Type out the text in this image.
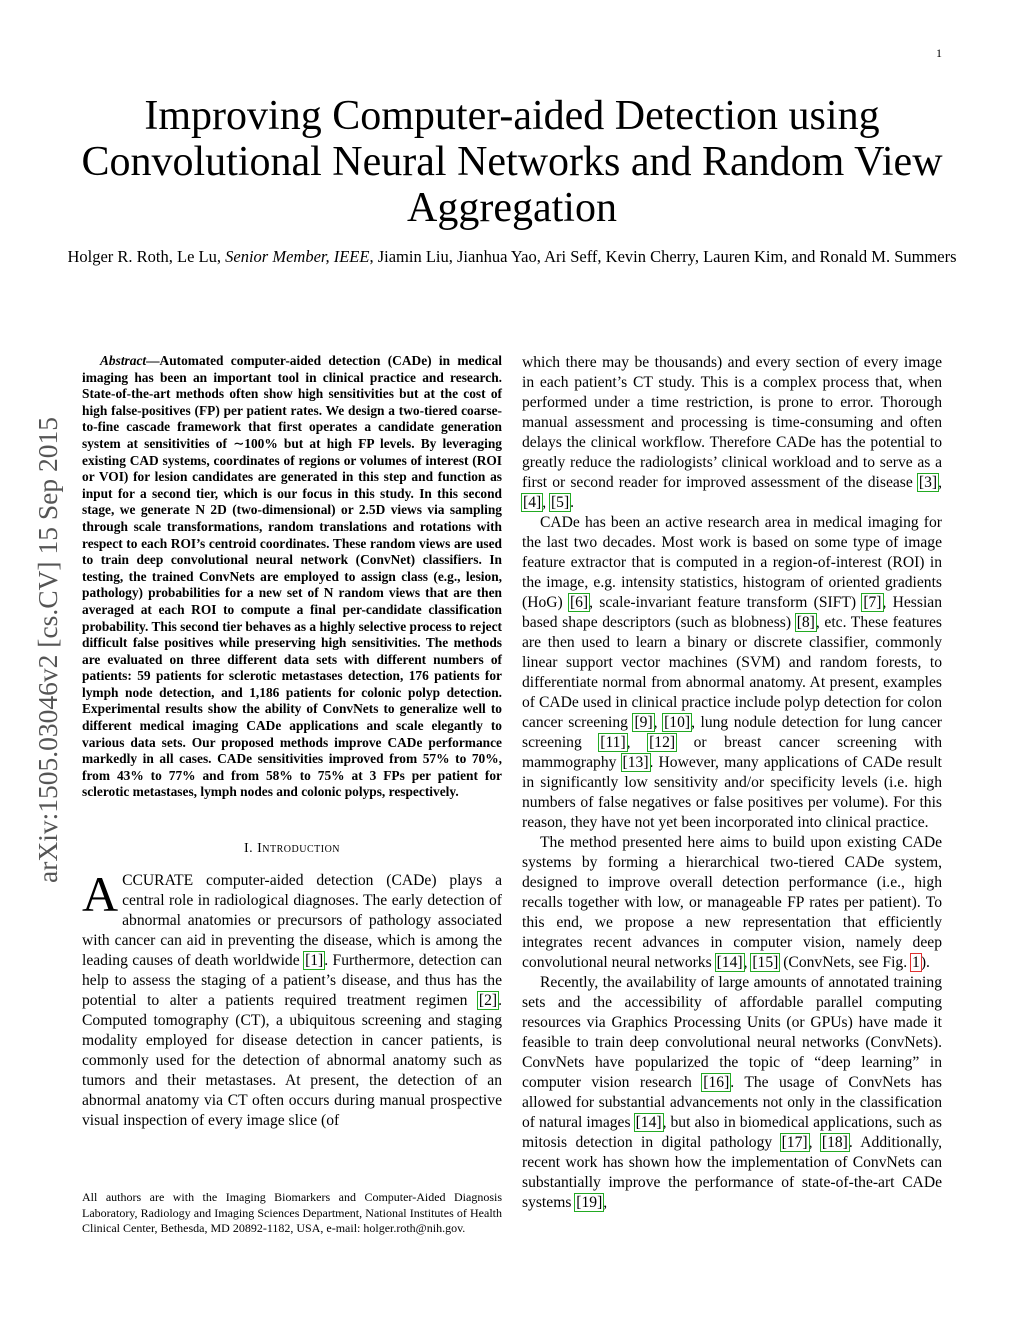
1
Improving Computer-aided Detection using Convolutional Neural Networks and Random View Aggregation
Holger R. Roth, Le Lu, Senior Member, IEEE, Jiamin Liu, Jianhua Yao, Ari Seff, Kevin Cherry, Lauren Kim, and Ronald M. Summers
arXiv:1505.03046v2 [cs.CV] 15 Sep 2015

Abstract—Automated computer-aided detection (CADe) in medical imaging has been an important tool in clinical practice and research. State-of-the-art methods often show high sensitivities but at the cost of high false-positives (FP) per patient rates. We design a two-tiered coarse-to-fine cascade framework that first operates a candidate generation system at sensitivities of ∼100% but at high FP levels. By leveraging existing CAD systems, coordinates of regions or volumes of interest (ROI or VOI) for lesion candidates are generated in this step and function as input for a second tier, which is our focus in this study. In this second stage, we generate N 2D (two-dimensional) or 2.5D views via sampling through scale transformations, random translations and rotations with respect to each ROI’s centroid coordinates. These random views are used to train deep convolutional neural network (ConvNet) classifiers. In testing, the trained ConvNets are employed to assign class (e.g., lesion, pathology) probabilities for a new set of N random views that are then averaged at each ROI to compute a final per-candidate classification probability. This second tier behaves as a highly selective process to reject difficult false positives while preserving high sensitivities. The methods are evaluated on three different data sets with different numbers of patients: 59 patients for sclerotic metastases detection, 176 patients for lymph node detection, and 1,186 patients for colonic polyp detection. Experimental results show the ability of ConvNets to generalize well to different medical imaging CADe applications and scale elegantly to various data sets. Our proposed methods improve CADe performance markedly in all cases. CADe sensitivities improved from 57% to 70%, from 43% to 77% and from 58% to 75% at 3 FPs per patient for sclerotic metastases, lymph nodes and colonic polyps, respectively.

I. Introduction

ACCURATE computer-aided detection (CADe) plays a central role in radiological diagnoses. The early detection of abnormal anatomies or precursors of pathology associated with cancer can aid in preventing the disease, which is among the leading causes of death worldwide [1]. Furthermore, detection can help to assess the staging of a patient’s disease, and thus has the potential to alter a patients required treatment regimen [2]. Computed tomography (CT), a ubiquitous screening and staging modality employed for disease detection in cancer patients, is commonly used for the detection of abnormal anatomy such as tumors and their metastases. At present, the detection of an abnormal anatomy via CT often occurs during manual prospective visual inspection of every image slice (of

All authors are with the Imaging Biomarkers and Computer-Aided Diagnosis Laboratory, Radiology and Imaging Sciences Department, National Institutes of Health Clinical Center, Bethesda, MD 20892-1182, USA, e-mail: holger.roth@nih.gov.

which there may be thousands) and every section of every image in each patient’s CT study. This is a complex process that, when performed under a time restriction, is prone to error. Thorough manual assessment and processing is time-consuming and often delays the clinical workflow. Therefore CADe has the potential to greatly reduce the radiologists’ clinical workload and to serve as a first or second reader for improved assessment of the disease [3], [4], [5].

CADe has been an active research area in medical imaging for the last two decades. Most work is based on some type of image feature extractor that is computed in a region-of-interest (ROI) in the image, e.g. intensity statistics, histogram of oriented gradients (HoG) [6], scale-invariant feature transform (SIFT) [7], Hessian based shape descriptors (such as blobness) [8], etc. These features are then used to learn a binary or discrete classifier, commonly linear support vector machines (SVM) and random forests, to differentiate normal from abnormal anatomy. At present, examples of CADe used in clinical practice include polyp detection for colon cancer screening [9], [10], lung nodule detection for lung cancer screening [11], [12] or breast cancer screening with mammography [13]. However, many applications of CADe result in significantly low sensitivity and/or specificity levels (i.e. high numbers of false negatives or false positives per volume). For this reason, they have not yet been incorporated into clinical practice.

The method presented here aims to build upon existing CADe systems by forming a hierarchical two-tiered CADe system, designed to improve overall detection performance (i.e., high recalls together with low, or manageable FP rates per patient). To this end, we propose a new representation that efficiently integrates recent advances in computer vision, namely deep convolutional neural networks [14], [15] (ConvNets, see Fig. 1).

Recently, the availability of large amounts of annotated training sets and the accessibility of affordable parallel computing resources via Graphics Processing Units (or GPUs) have made it feasible to train deep convolutional neural networks (ConvNets). ConvNets have popularized the topic of “deep learning” in computer vision research [16]. The usage of ConvNets has allowed for substantial advancements not only in the classification of natural images [14], but also in biomedical applications, such as mitosis detection in digital pathology [17], [18]. Additionally, recent work has shown how the implementation of ConvNets can substantially improve the performance of state-of-the-art CADe systems [19],
